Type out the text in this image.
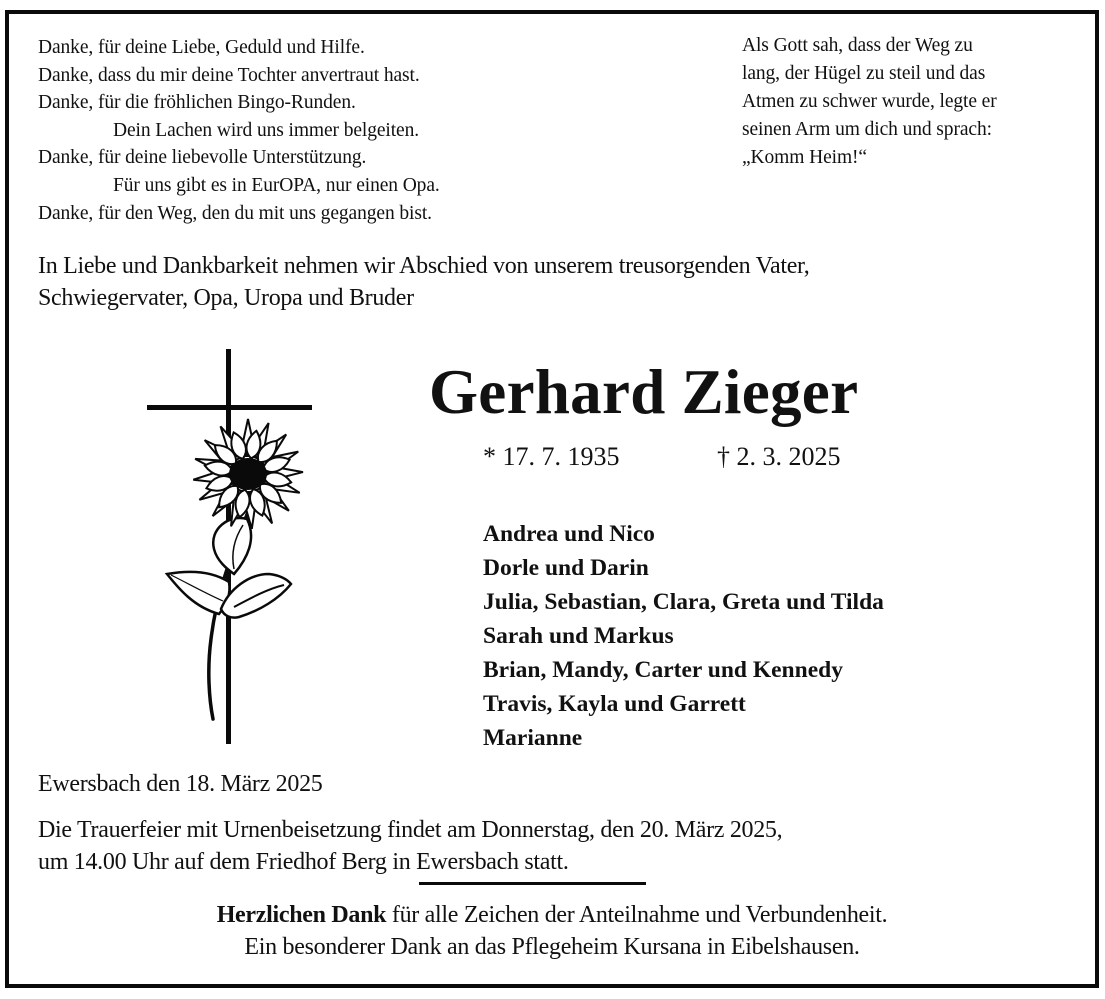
Danke, für deine Liebe, Geduld und Hilfe.
Danke, dass du mir deine Tochter anvertraut hast.
Danke, für die fröhlichen Bingo-Runden.
Dein Lachen wird uns immer belgeiten.
Danke, für deine liebevolle Unterstützung.
Für uns gibt es in EurOPA, nur einen Opa.
Danke, für den Weg, den du mit uns gegangen bist.
Als Gott sah, dass der Weg zu
lang, der Hügel zu steil und das
Atmen zu schwer wurde, legte er
seinen Arm um dich und sprach:
„Komm Heim!“
In Liebe und Dankbarkeit nehmen wir Abschied von unserem treusorgenden Vater,
Schwiegervater, Opa, Uropa und Bruder
Gerhard Zieger
* 17. 7. 1935	† 2. 3. 2025
Andrea und Nico
Dorle und Darin
Julia, Sebastian, Clara, Greta und Tilda
Sarah und Markus
Brian, Mandy, Carter und Kennedy
Travis, Kayla und Garrett
Marianne
Ewersbach den 18. März 2025
Die Trauerfeier mit Urnenbeisetzung findet am Donnerstag, den 20. März 2025,
um 14.00 Uhr auf dem Friedhof Berg in Ewersbach statt.
Herzlichen Dank für alle Zeichen der Anteilnahme und Verbundenheit.
Ein besonderer Dank an das Pflegeheim Kursana in Eibelshausen.
